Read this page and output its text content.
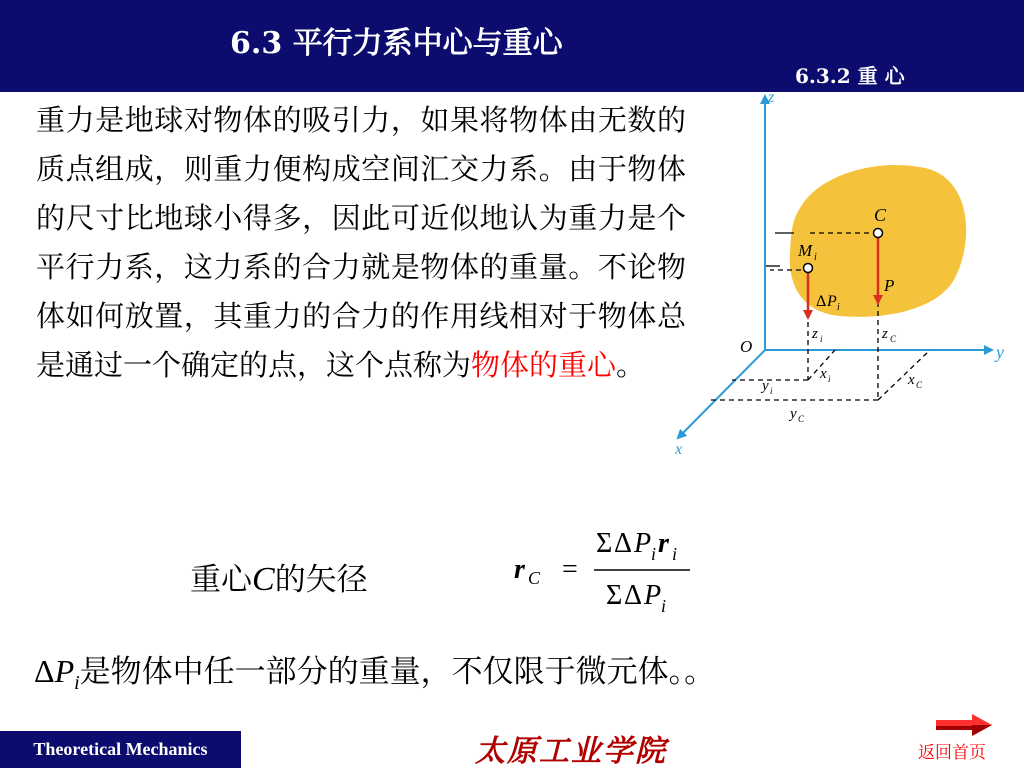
6.3 平行力系中心与重心
6.3.2 重 心
重力是地球对物体的吸引力，如果将物体由无数的质点组成，则重力便构成空间汇交力系。由于物体的尺寸比地球小得多，因此可近似地认为重力是个平行力系，这力系的合力就是物体的重量。不论物体如何放置，其重力的合力的作用线相对于物体总是通过一个确定的点，这个点称为物体的重心。
重心C的矢径	r C =
Σ Δ P i r i
Σ Δ P i
$\Delta P_i$是物体中任一部分的重量，不仅限于微元体。。
z
y
x
O
C
M i
P
Δ P i
z i	z C
x i	x C
y i
y C
Theoretical Mechanics	太原工业学院	返回首页
